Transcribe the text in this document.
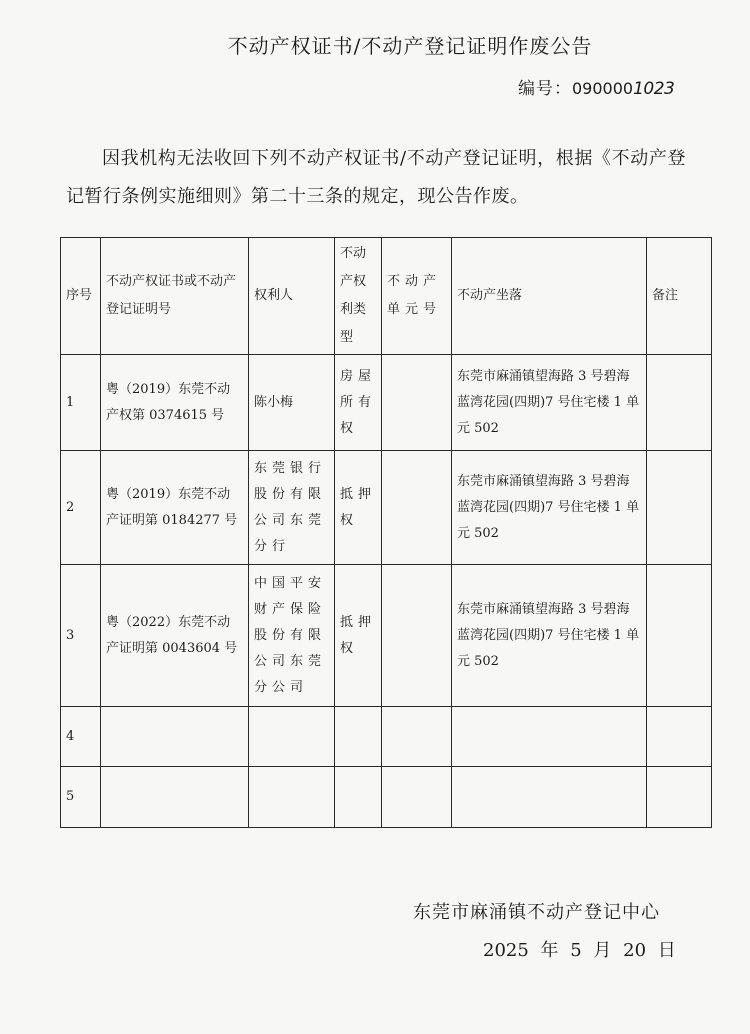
不动产权证书/不动产登记证明作废公告
编号：0900001023
因我机构无法收回下列不动产权证书/不动产登记证明，根据《不动产登记暂行条例实施细则》第二十三条的规定，现公告作废。
序号	不动产权证书或不动产登记证明号	权利人	不动产权利类型	不动产单元号	不动产坐落	备注
1	粤（2019）东莞不动产权第 0374615 号	陈小梅	房屋所有权		东莞市麻涌镇望海路 3 号碧海蓝湾花园(四期)7 号住宅楼 1 单元 502	
2	粤（2019）东莞不动产证明第 0184277 号	东莞银行股份有限公司东莞分行	抵押权		东莞市麻涌镇望海路 3 号碧海蓝湾花园(四期)7 号住宅楼 1 单元 502	
3	粤（2022）东莞不动产证明第 0043604 号	中国平安财产保险股份有限公司东莞分公司	抵押权		东莞市麻涌镇望海路 3 号碧海蓝湾花园(四期)7 号住宅楼 1 单元 502	
4						
5						
东莞市麻涌镇不动产登记中心
2025 年 5 月 20 日
